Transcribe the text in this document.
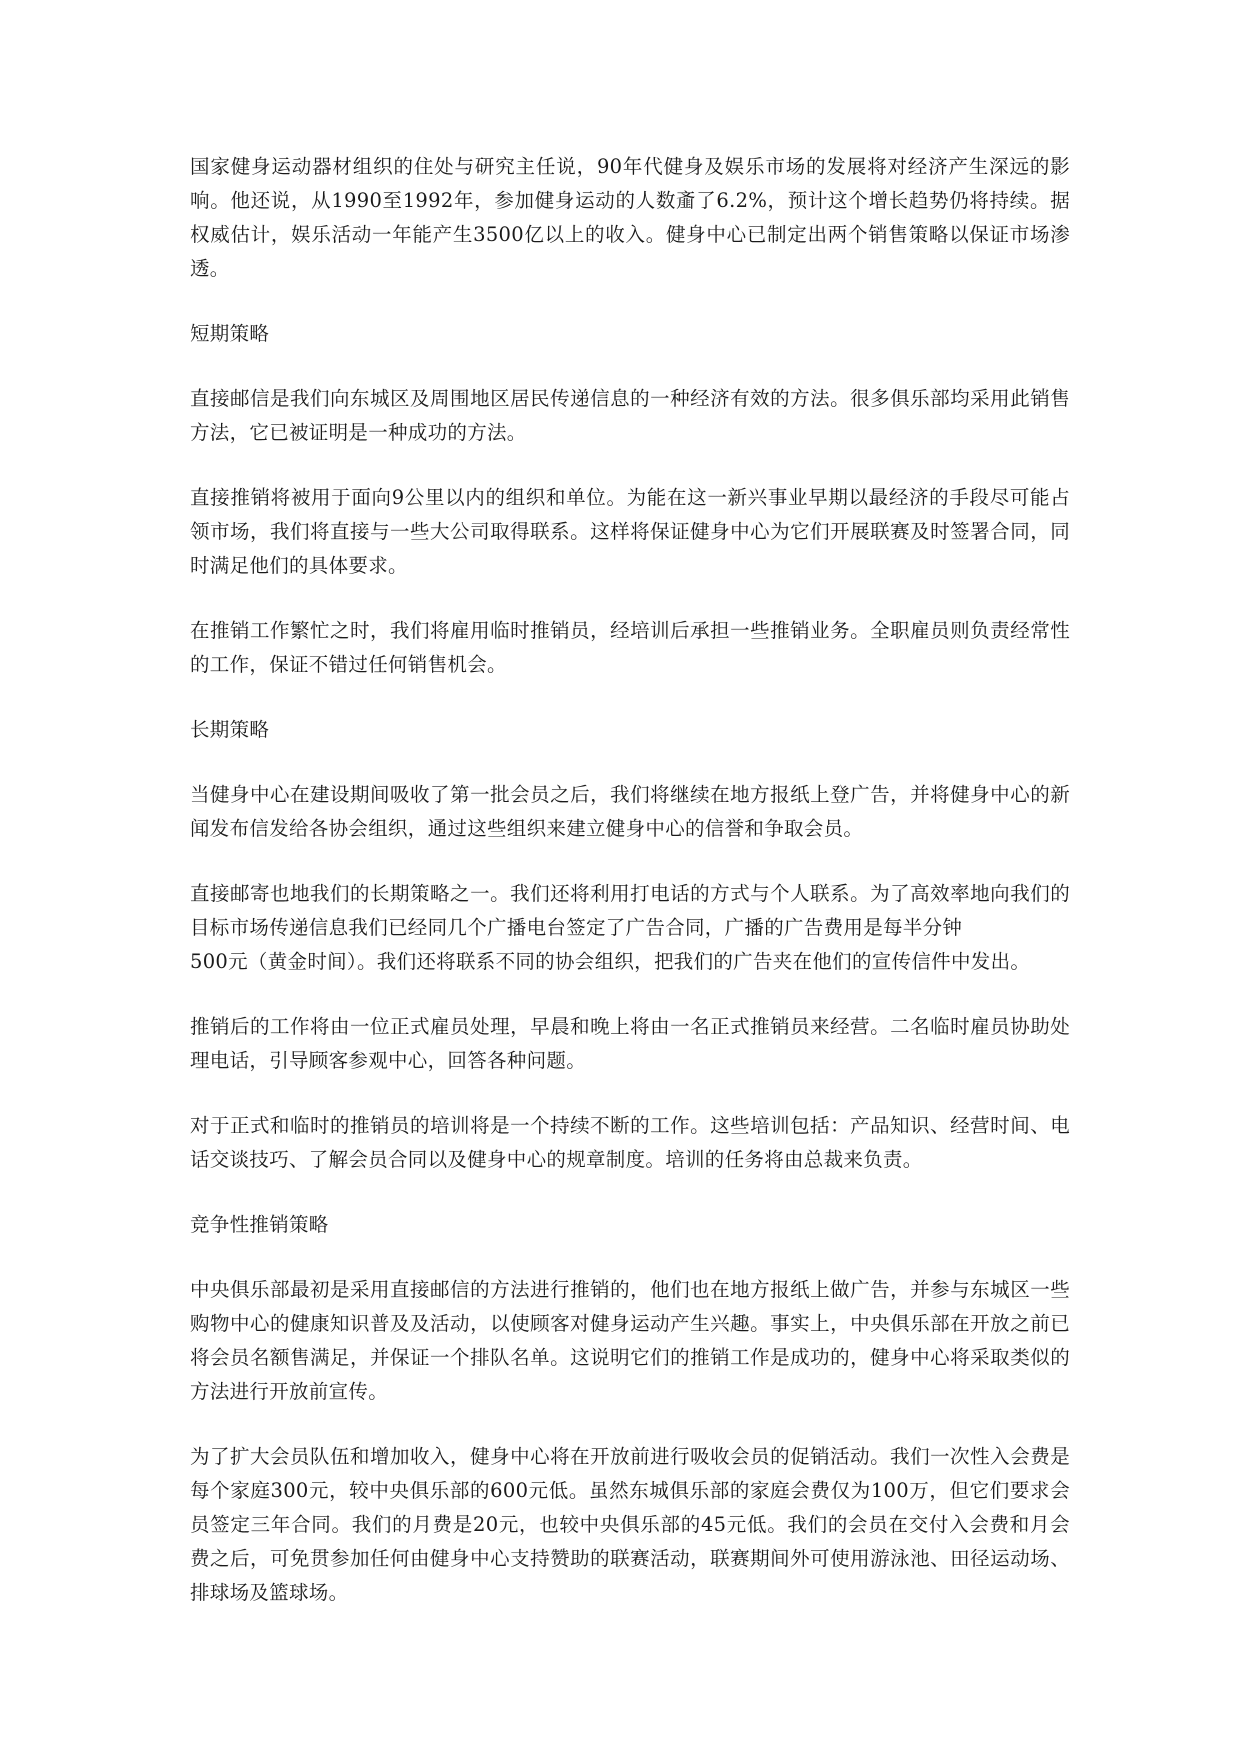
国家健身运动器材组织的住处与研究主任说，90年代健身及娱乐市场的发展将对经济产生深远的影响。他还说，从1990至1992年，参加健身运动的人数齑了6.2%，预计这个增长趋势仍将持续。据权威估计，娱乐活动一年能产生3500亿以上的收入。健身中心已制定出两个销售策略以保证市场渗透。

短期策略

直接邮信是我们向东城区及周围地区居民传递信息的一种经济有效的方法。很多俱乐部均采用此销售方法，它已被证明是一种成功的方法。

直接推销将被用于面向9公里以内的组织和单位。为能在这一新兴事业早期以最经济的手段尽可能占领市场，我们将直接与一些大公司取得联系。这样将保证健身中心为它们开展联赛及时签署合同，同时满足他们的具体要求。

在推销工作繁忙之时，我们将雇用临时推销员，经培训后承担一些推销业务。全职雇员则负责经常性的工作，保证不错过任何销售机会。

长期策略

当健身中心在建设期间吸收了第一批会员之后，我们将继续在地方报纸上登广告，并将健身中心的新闻发布信发给各协会组织，通过这些组织来建立健身中心的信誉和争取会员。

直接邮寄也地我们的长期策略之一。我们还将利用打电话的方式与个人联系。为了高效率地向我们的目标市场传递信息我们已经同几个广播电台签定了广告合同，广播的广告费用是每半分钟
500元（黄金时间）。我们还将联系不同的协会组织，把我们的广告夹在他们的宣传信件中发出。

推销后的工作将由一位正式雇员处理，早晨和晚上将由一名正式推销员来经营。二名临时雇员协助处理电话，引导顾客参观中心，回答各种问题。

对于正式和临时的推销员的培训将是一个持续不断的工作。这些培训包括：产品知识、经营时间、电话交谈技巧、了解会员合同以及健身中心的规章制度。培训的任务将由总裁来负责。

竞争性推销策略

中央俱乐部最初是采用直接邮信的方法进行推销的，他们也在地方报纸上做广告，并参与东城区一些购物中心的健康知识普及及活动，以使顾客对健身运动产生兴趣。事实上，中央俱乐部在开放之前已将会员名额售满足，并保证一个排队名单。这说明它们的推销工作是成功的，健身中心将采取类似的方法进行开放前宣传。

为了扩大会员队伍和增加收入，健身中心将在开放前进行吸收会员的促销活动。我们一次性入会费是每个家庭300元，较中央俱乐部的600元低。虽然东城俱乐部的家庭会费仅为100万，但它们要求会员签定三年合同。我们的月费是20元，也较中央俱乐部的45元低。我们的会员在交付入会费和月会费之后，可免贯参加任何由健身中心支持赞助的联赛活动，联赛期间外可使用游泳池、田径运动场、排球场及篮球场。
